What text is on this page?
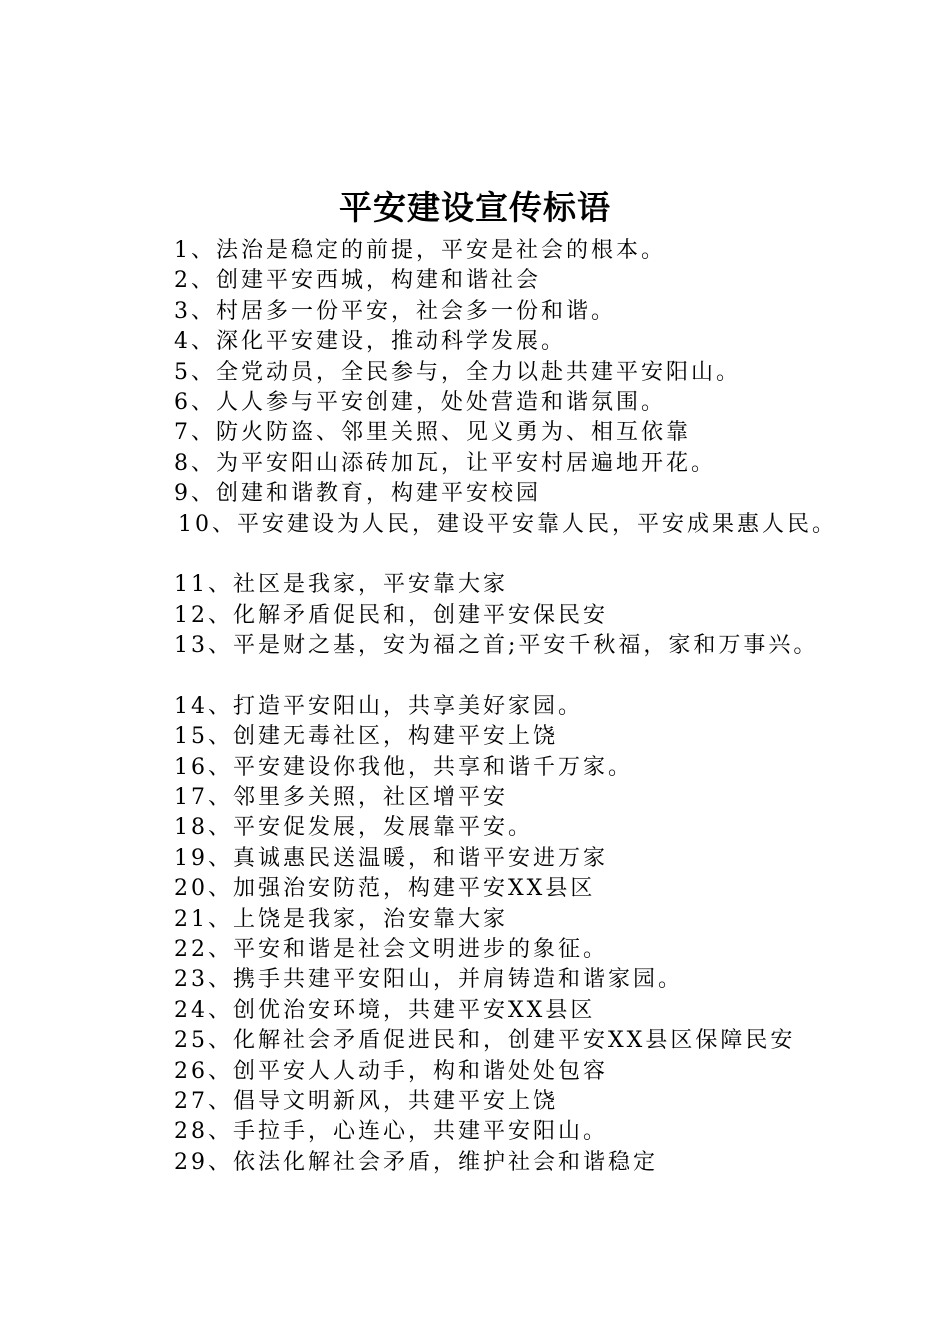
平安建设宣传标语
1、法治是稳定的前提，平安是社会的根本。
2、创建平安西城，构建和谐社会
3、村居多一份平安，社会多一份和谐。
4、深化平安建设，推动科学发展。
5、全党动员，全民参与，全力以赴共建平安阳山。
6、人人参与平安创建，处处营造和谐氛围。
7、防火防盗、邻里关照、见义勇为、相互依靠
8、为平安阳山添砖加瓦，让平安村居遍地开花。
9、创建和谐教育，构建平安校园
10、平安建设为人民，建设平安靠人民，平安成果惠人民。
11、社区是我家，平安靠大家
12、化解矛盾促民和，创建平安保民安
13、平是财之基，安为福之首;平安千秋福，家和万事兴。
14、打造平安阳山，共享美好家园。
15、创建无毒社区，构建平安上饶
16、平安建设你我他，共享和谐千万家。
17、邻里多关照，社区增平安
18、平安促发展，发展靠平安。
19、真诚惠民送温暖，和谐平安进万家
20、加强治安防范，构建平安XX县区
21、上饶是我家，治安靠大家
22、平安和谐是社会文明进步的象征。
23、携手共建平安阳山，并肩铸造和谐家园。
24、创优治安环境，共建平安XX县区
25、化解社会矛盾促进民和，创建平安XX县区保障民安
26、创平安人人动手，构和谐处处包容
27、倡导文明新风，共建平安上饶
28、手拉手，心连心，共建平安阳山。
29、依法化解社会矛盾，维护社会和谐稳定
